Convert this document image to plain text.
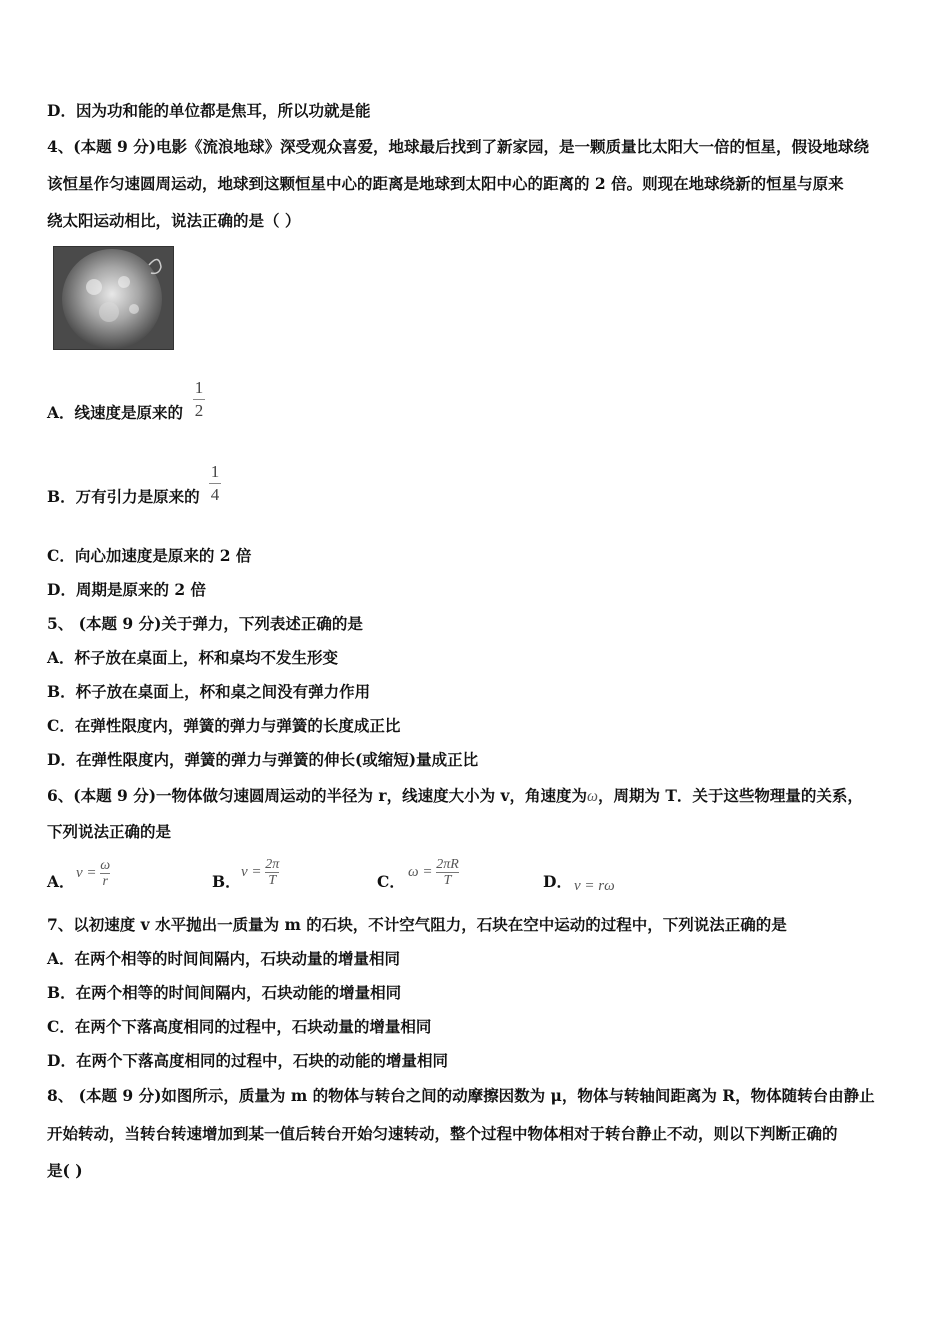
D．因为功和能的单位都是焦耳，所以功就是能
4、(本题 9 分)电影《流浪地球》深受观众喜爱，地球最后找到了新家园，是一颗质量比太阳大一倍的恒星，假设地球绕
该恒星作匀速圆周运动，地球到这颗恒星中心的距离是地球到太阳中心的距离的 2 倍。则现在地球绕新的恒星与原来
绕太阳运动相比，说法正确的是（ ）
A．线速度是原来的
1
2
B．万有引力是原来的
1
4
C．向心加速度是原来的 2 倍
D．周期是原来的 2 倍
5、 (本题 9 分)关于弹力，下列表述正确的是
A．杯子放在桌面上，杯和桌均不发生形变
B．杯子放在桌面上，杯和桌之间没有弹力作用
C．在弹性限度内，弹簧的弹力与弹簧的长度成正比
D．在弹性限度内，弹簧的弹力与弹簧的伸长(或缩短)量成正比
6、(本题 9 分)一物体做匀速圆周运动的半径为 r，线速度大小为 v，角速度为ω，周期为 T．关于这些物理量的关系，
下列说法正确的是
A． $v = \frac{\omega}{r}$	B．
$v = \frac{2\pi}{T}$	C．
$\omega = \frac{2\pi R}{T}$	D． v = rω
7、以初速度 v 水平抛出一质量为 m 的石块，不计空气阻力，石块在空中运动的过程中，下列说法正确的是
A．在两个相等的时间间隔内，石块动量的增量相同
B．在两个相等的时间间隔内，石块动能的增量相同
C．在两个下落高度相同的过程中，石块动量的增量相同
D．在两个下落高度相同的过程中，石块的动能的增量相同
8、 (本题 9 分)如图所示，质量为 m 的物体与转台之间的动摩擦因数为 μ，物体与转轴间距离为 R，物体随转台由静止
开始转动，当转台转速增加到某一值后转台开始匀速转动，整个过程中物体相对于转台静止不动，则以下判断正确的
是( )
